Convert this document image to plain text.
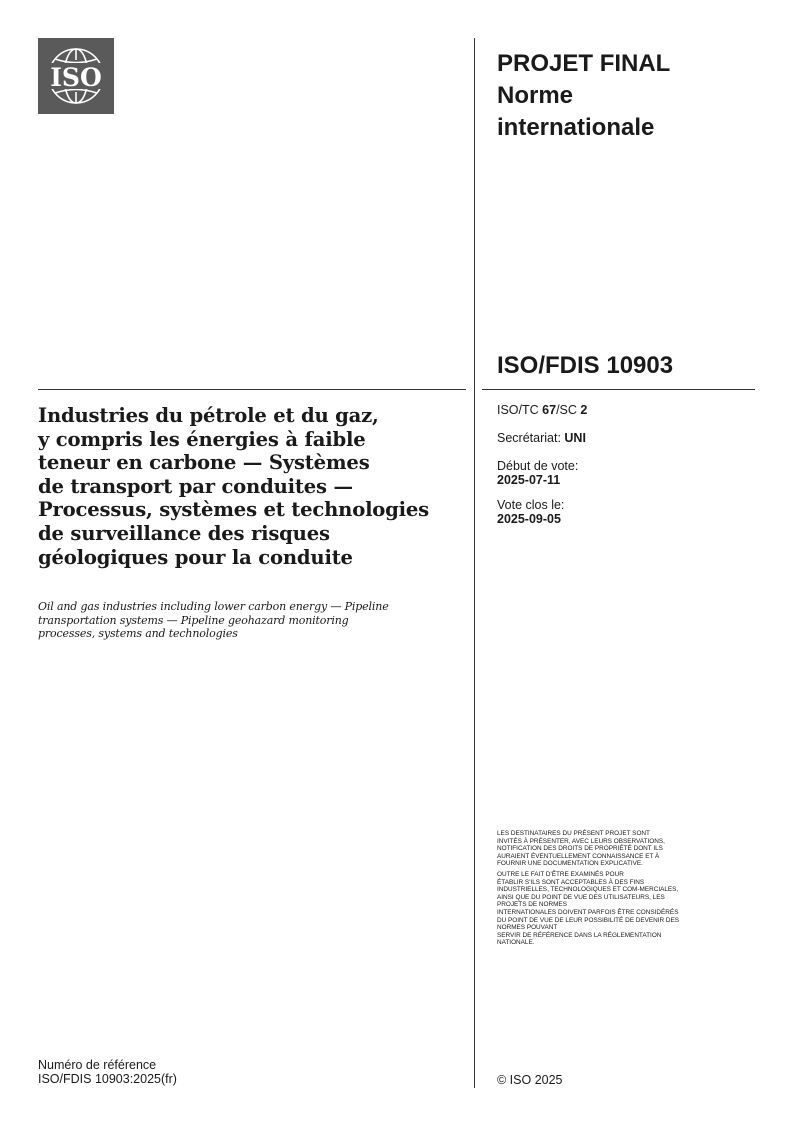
ISO	PROJET FINAL
Norme
internationale
ISO/FDIS 10903
Industries du pétrole et du gaz,
y compris les énergies à faible
teneur en carbone — Systèmes
de transport par conduites —
Processus, systèmes et technologies
de surveillance des risques
géologiques pour la conduite
Oil and gas industries including lower carbon energy — Pipeline
transportation systems — Pipeline geohazard monitoring
processes, systems and technologies
ISO/TC 67/SC 2
Secrétariat: UNI
Début de vote:
2025-07-11
Vote clos le:
2025-09-05
LES DESTINATAIRES DU PRÉSENT PROJET SONT
INVITÉS À PRÉSENTER, AVEC LEURS OBSERVATIONS,
NOTIFICATION DES DROITS DE PROPRIÉTÉ DONT ILS
AURAIENT ÉVENTUELLEMENT CONNAISSANCE ET À
FOURNIR UNE DOCUMENTATION EXPLICATIVE.
OUTRE LE FAIT D'ÊTRE EXAMINÉS POUR
ÉTABLIR S'ILS SONT ACCEPTABLES À DES FINS
INDUSTRIELLES, TECHNOLOGIQUES ET COM-MERCIALES,
AINSI QUE DU POINT DE VUE DES UTILISATEURS, LES
PROJETS DE NORMES
INTERNATIONALES DOIVENT PARFOIS ÊTRE CONSIDÉRÉS
DU POINT DE VUE DE LEUR POSSIBILITÉ DE DEVENIR DES
NORMES POUVANT
SERVIR DE RÉFÉRENCE DANS LA RÉGLEMENTATION
NATIONALE.
Numéro de référence
ISO/FDIS 10903:2025(fr)	© ISO 2025
